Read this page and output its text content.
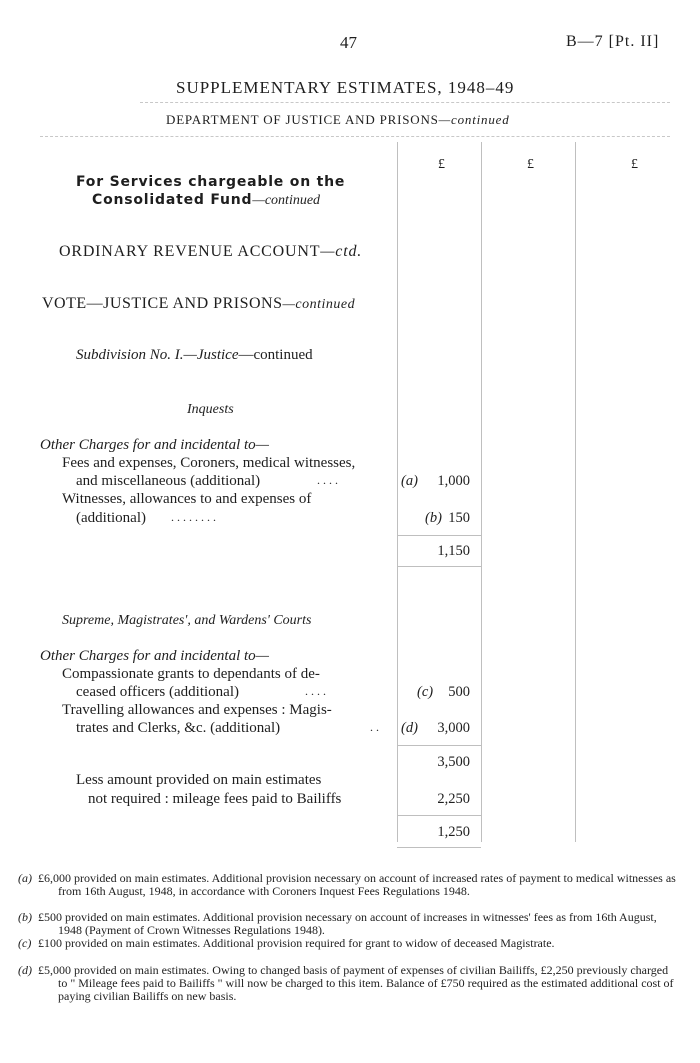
47	B—7 [Pt. II]
SUPPLEMENTARY ESTIMATES, 1948–49
DEPARTMENT OF JUSTICE AND PRISONS—continued
£	£	£
For Services chargeable on the
Consolidated Fund—continued
ORDINARY REVENUE ACCOUNT—ctd.
VOTE—JUSTICE AND PRISONS—continued
Subdivision No. I.—Justice—continued
Inquests
Other Charges for and incidental to—
Fees and expenses, Coroners, medical witnesses,
and miscellaneous (additional)	. . . .	(a)	1,000
Witnesses, allowances to and expenses of
(additional) . . . . . . . .	(b) 150
1,150
Supreme, Magistrates', and Wardens' Courts
Other Charges for and incidental to—
Compassionate grants to dependants of de-
ceased officers (additional)	. . . .	(c)	500
Travelling allowances and expenses : Magis-
trates and Clerks, &c. (additional)	. . (d)	3,000
3,500
Less amount provided on main estimates
not required : mileage fees paid to Bailiffs	2,250
1,250
(a) £6,000 provided on main estimates. Additional provision necessary on account of increased rates of payment to medical witnesses as from 16th August, 1948, in accordance with Coroners Inquest Fees Regulations 1948.
(b) £500 provided on main estimates. Additional provision necessary on account of increases in witnesses' fees as from 16th August, 1948 (Payment of Crown Witnesses Regulations 1948).
(c) £100 provided on main estimates. Additional provision required for grant to widow of deceased Magistrate.
(d) £5,000 provided on main estimates. Owing to changed basis of payment of expenses of civilian Bailiffs, £2,250 previously charged to " Mileage fees paid to Bailiffs " will now be charged to this item. Balance of £750 required as the estimated additional cost of paying civilian Bailiffs on new basis.
